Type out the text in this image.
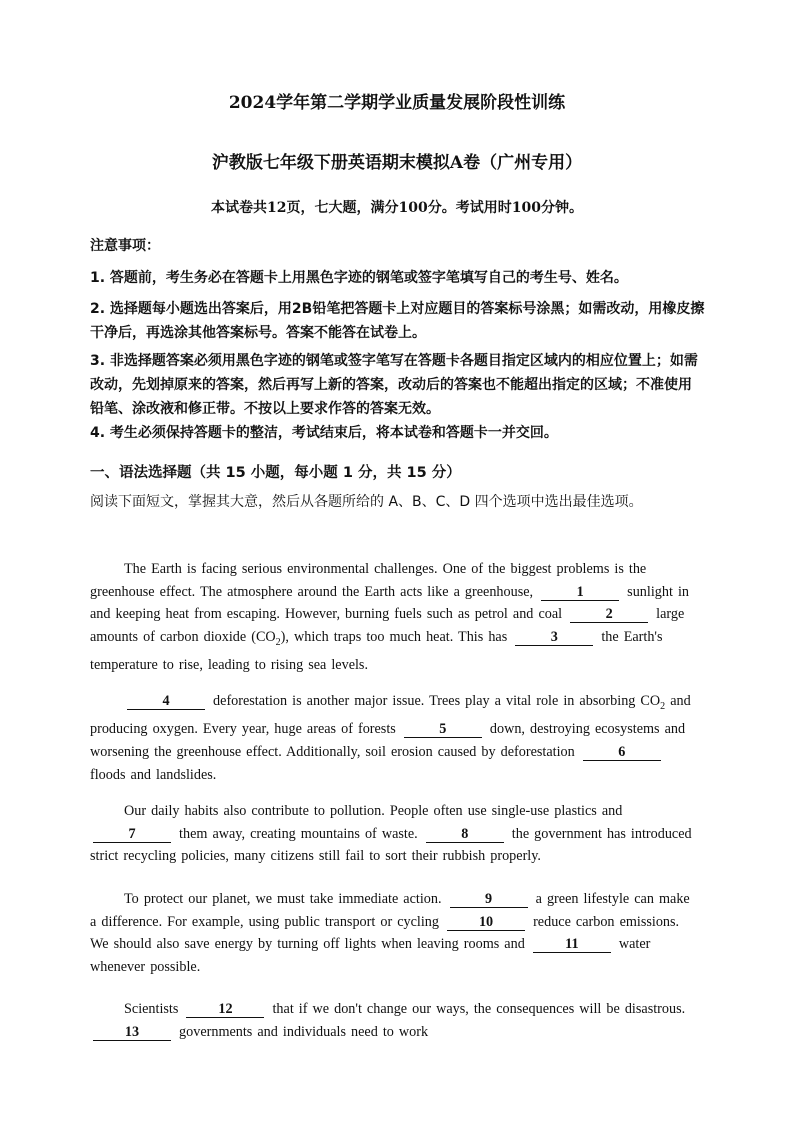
2024学年第二学期学业质量发展阶段性训练
沪教版七年级下册英语期末模拟A卷（广州专用）
本试卷共12页，七大题，满分100分。考试用时100分钟。
注意事项：
1. 答题前，考生务必在答题卡上用黑色字迹的钢笔或签字笔填写自己的考生号、姓名。
2. 选择题每小题选出答案后，用2B铅笔把答题卡上对应题目的答案标号涂黑；如需改动，用橡皮擦干净后，再选涂其他答案标号。答案不能答在试卷上。
3. 非选择题答案必须用黑色字迹的钢笔或签字笔写在答题卡各题目指定区域内的相应位置上；如需改动，先划掉原来的答案，然后再写上新的答案，改动后的答案也不能超出指定的区域；不准使用铅笔、涂改液和修正带。不按以上要求作答的答案无效。
4. 考生必须保持答题卡的整洁，考试结束后，将本试卷和答题卡一并交回。
一、语法选择题（共 15 小题，每小题 1 分，共 15 分）
阅读下面短文，掌握其大意，然后从各题所给的 A、B、C、D 四个选项中选出最佳选项。
The Earth is facing serious environmental challenges. One of the biggest problems is the greenhouse effect. The atmosphere around the Earth acts like a greenhouse,	1	sunlight in and keeping heat from escaping. However, burning fuels such as petrol and coal	2	large amounts of carbon dioxide $(CO_2)$, which traps too much heat. This has	3	the Earth's temperature to rise, leading to rising sea levels.
4	deforestation is another major issue. Trees play a vital role in absorbing $CO_2$ and producing oxygen. Every year, huge areas of forests	5	down, destroying ecosystems and worsening the greenhouse effect. Additionally, soil erosion caused by deforestation	6 floods and landslides.
Our daily habits also contribute to pollution. People often use single-use plastics and 7	them away, creating mountains of waste.	8	the government has introduced strict recycling policies, many citizens still fail to sort their rubbish properly.
To protect our planet, we must take immediate action.	9	a green lifestyle can make a difference. For example, using public transport or cycling	10	reduce carbon emissions. We should also save energy by turning off lights when leaving rooms and	11	water whenever possible.
Scientists	12	that if we don't change our ways, the consequences will be disastrous. 13	governments and individuals need to work
